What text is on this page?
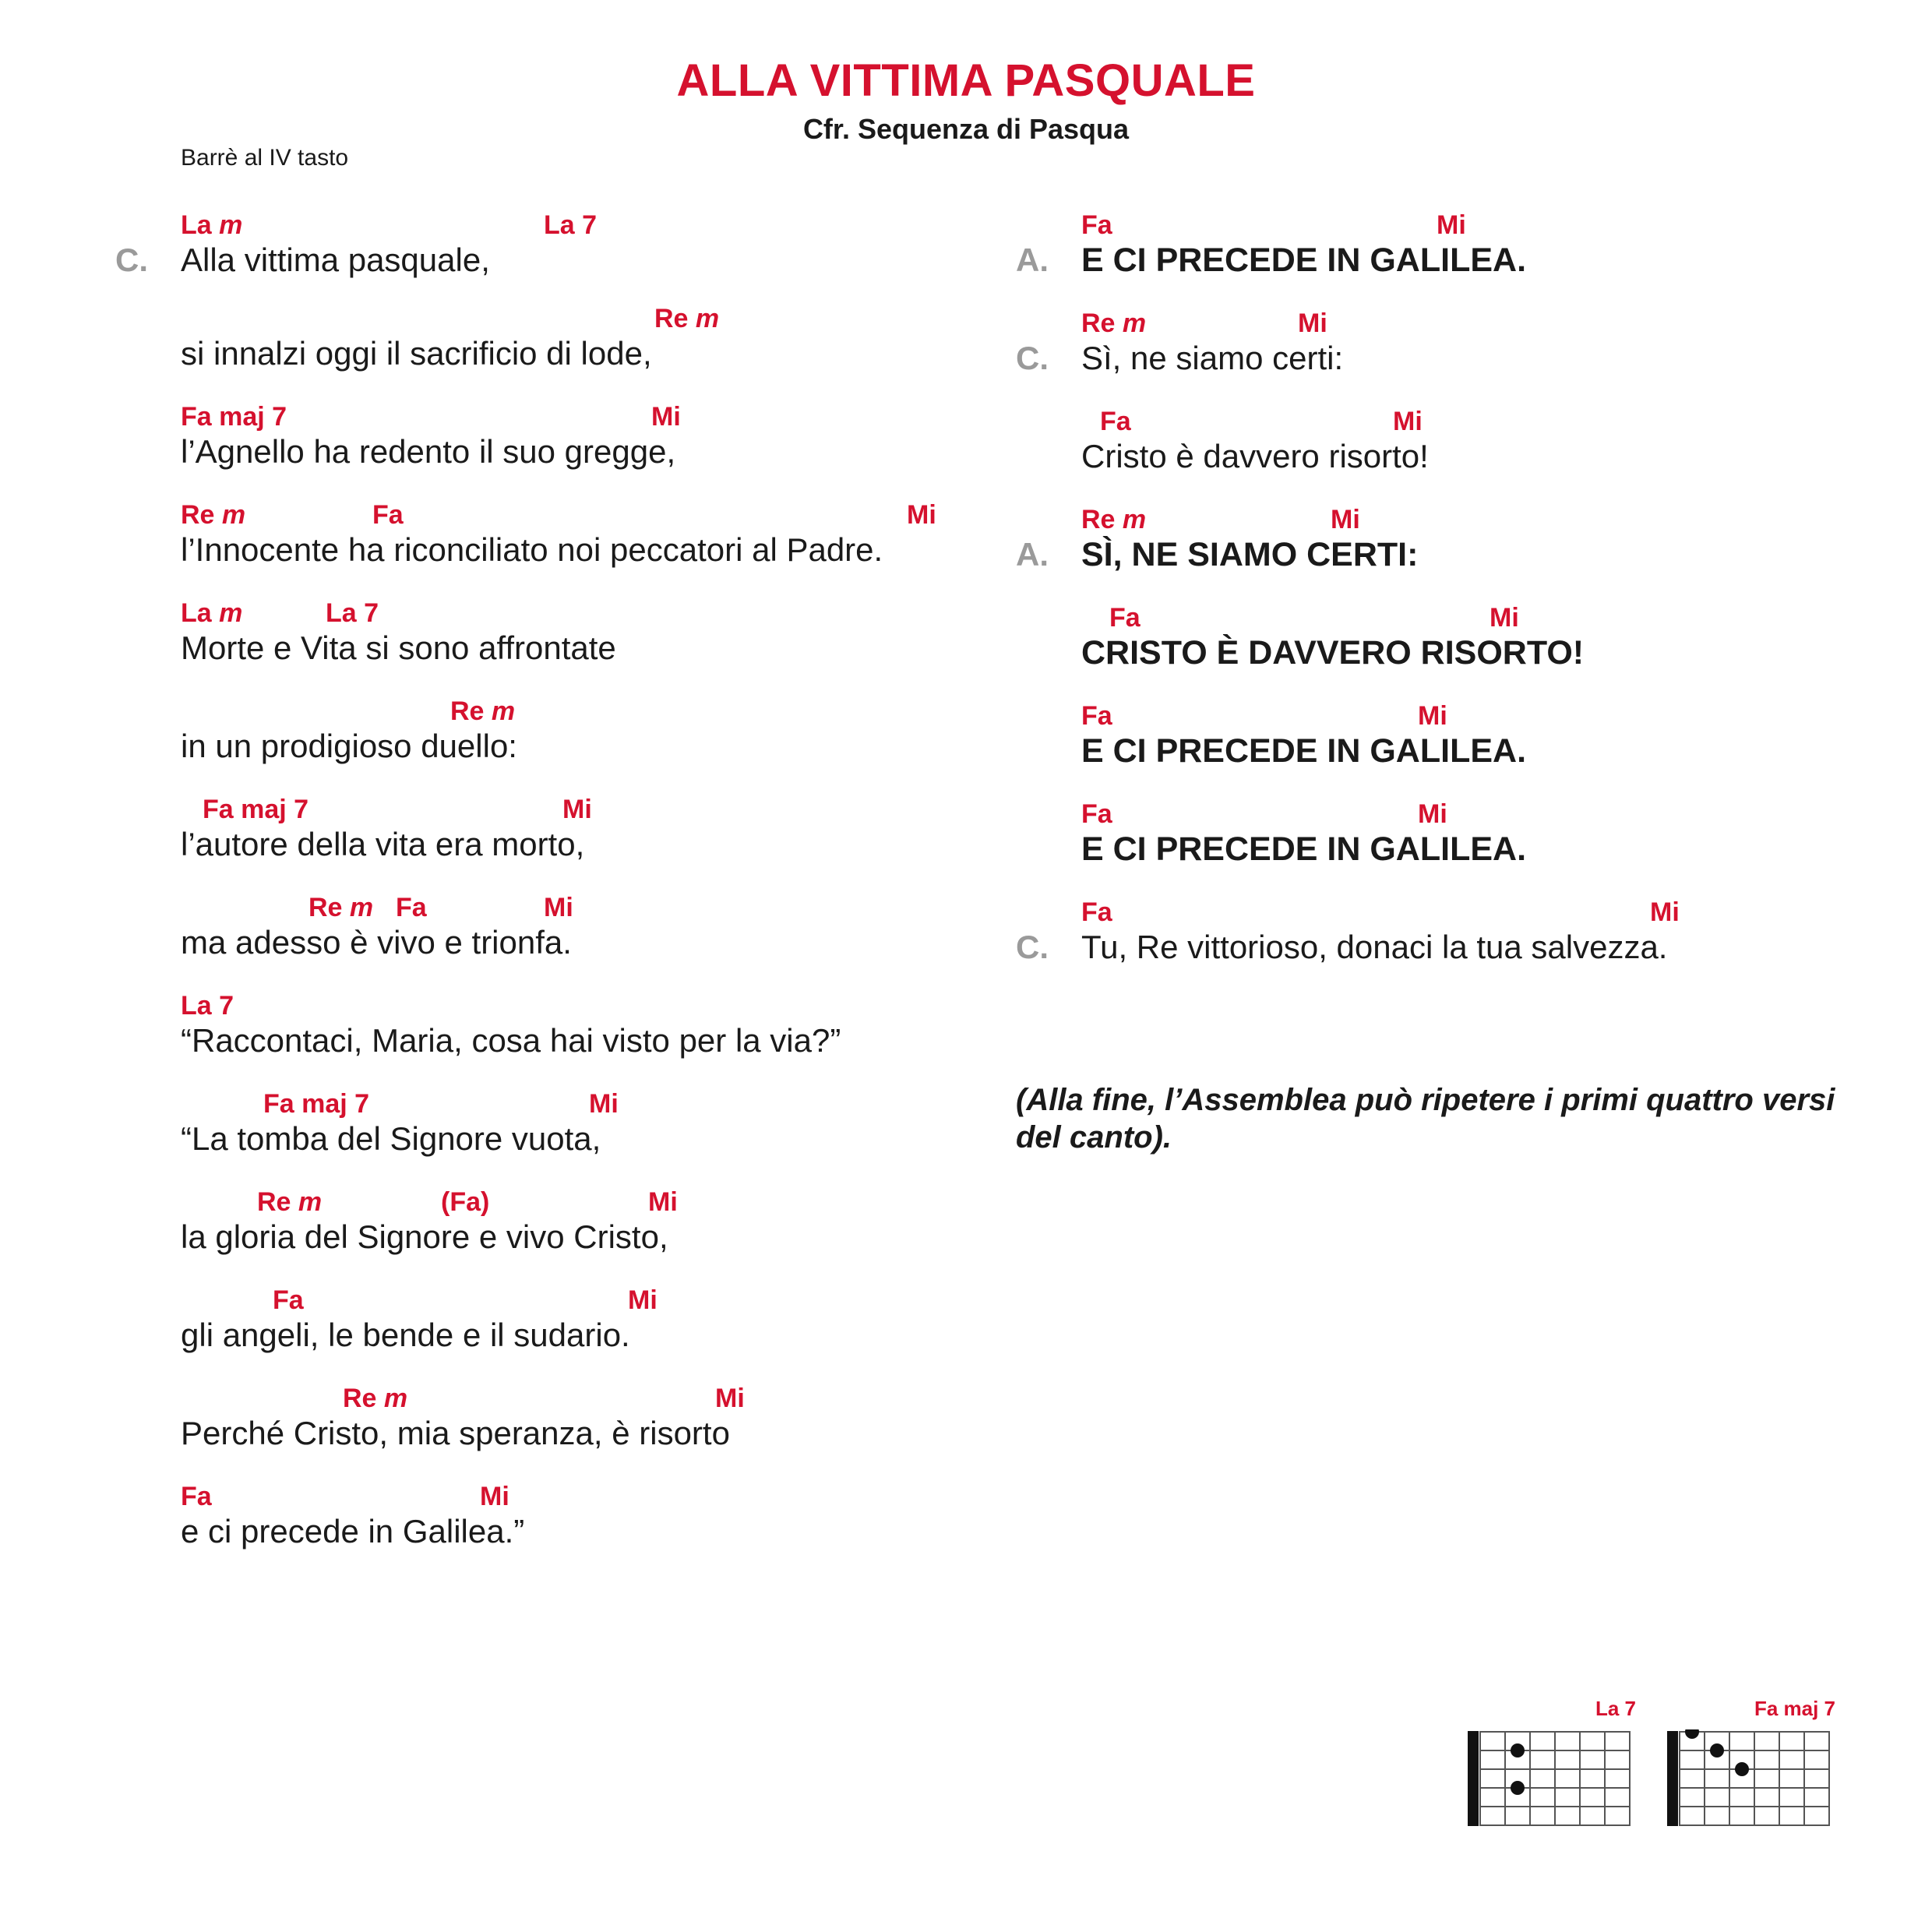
ALLA VITTIMA PASQUALE
Cfr. Sequenza di Pasqua
Barrè al IV tasto
La m	La 7
C. Alla vittima pasquale,
Re m
si innalzi oggi il sacrificio di lode,
Fa maj 7	Mi
l’Agnello ha redento il suo gregge,
Re m	Fa	Mi
l’Innocente ha riconciliato noi peccatori al Padre.
La m	La 7
Morte e Vita si sono affrontate
Re m
in un prodigioso duello:
Fa maj 7	Mi
l’autore della vita era morto,
Re m Fa	Mi
ma adesso è vivo e trionfa.
La 7
“Raccontaci, Maria, cosa hai visto per la via?”
Fa maj 7	Mi
“La tomba del Signore vuota,
Re m	(Fa)	Mi
la gloria del Signore e vivo Cristo,
Fa	Mi
gli angeli, le bende e il sudario.
Re m	Mi
Perché Cristo, mia speranza, è risorto
Fa	Mi
e ci precede in Galilea.”
Fa	Mi
A. E CI PRECEDE IN GALILEA.
Re m	Mi
C. Sì, ne siamo certi:
Fa	Mi
Cristo è davvero risorto!
Re m	Mi
A. SÌ, NE SIAMO CERTI:
Fa	Mi
CRISTO È DAVVERO RISORTO!
Fa	Mi
E CI PRECEDE IN GALILEA.
Fa	Mi
E CI PRECEDE IN GALILEA.
Fa	Mi
C. Tu, Re vittorioso, donaci la tua salvezza.
(Alla fine, l’Assemblea può ripetere i primi quattro versi del canto).
La 7	Fa maj 7
